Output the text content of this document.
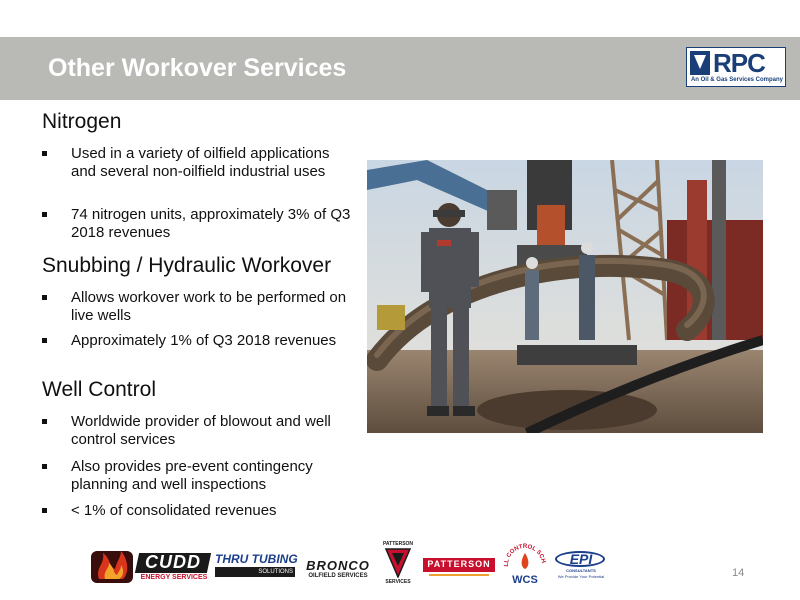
Other Workover Services	RPC
An Oil & Gas Services Company
Nitrogen
Used in a variety of oilfield applications and several non-oilfield industrial uses
74 nitrogen units, approximately 3% of Q3 2018 revenues
Snubbing / Hydraulic Workover
Allows workover work to be performed on live wells
Approximately 1% of Q3 2018 revenues
Well Control
Worldwide provider of blowout and well control services
Also provides pre-event contingency planning and well inspections
< 1% of consolidated revenues
CUDD
ENERGY SERVICES
THRU TUBING
SOLUTIONS	BRONCO
OILFIELD SERVICES
PATTERSON
SERVICES
PATTERSON	LL CONTROL SCH
WCS
EPI
CONSULTANTS
We Provide Your Potential	14
